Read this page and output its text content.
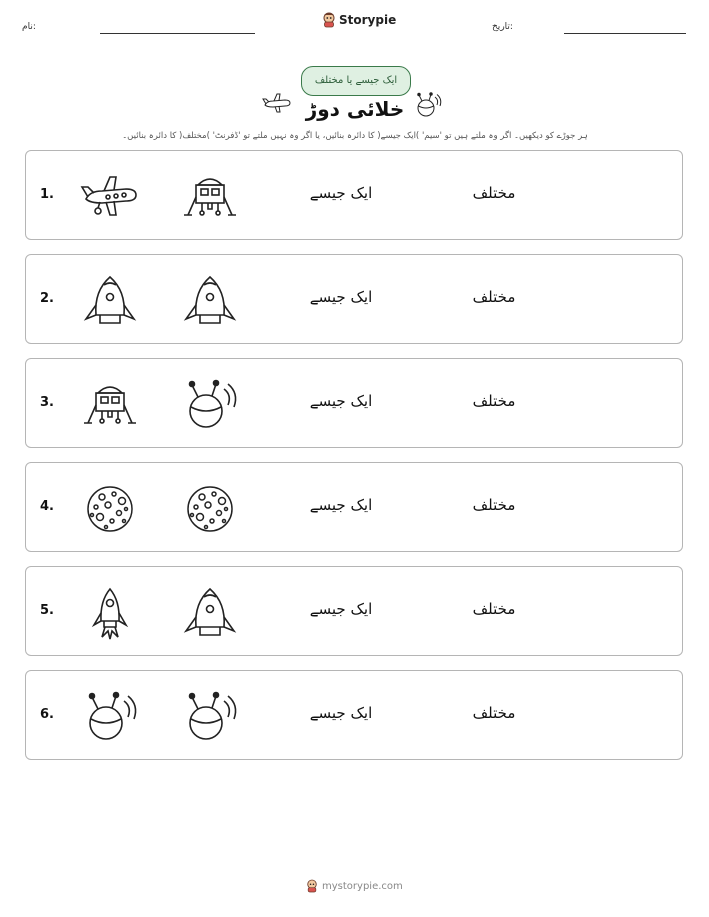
نام:	Storypie	تاریخ:
ایک جیسے یا مختلف
خلائی دوڑ
ہر جوڑے کو دیکھیں۔ اگر وہ ملتے ہیں تو 'سیم' )ایک جیسے( کا دائرہ بنائیں، یا اگر وہ نہیں ملتے تو 'ڈفرنٹ' )مختلف( کا دائرہ بنائیں۔
1.	ایک جیسے	مختلف
2.	ایک جیسے	مختلف
3.	ایک جیسے	مختلف
4.	ایک جیسے	مختلف
5.	ایک جیسے	مختلف
6.	ایک جیسے	مختلف
mystorypie.com
